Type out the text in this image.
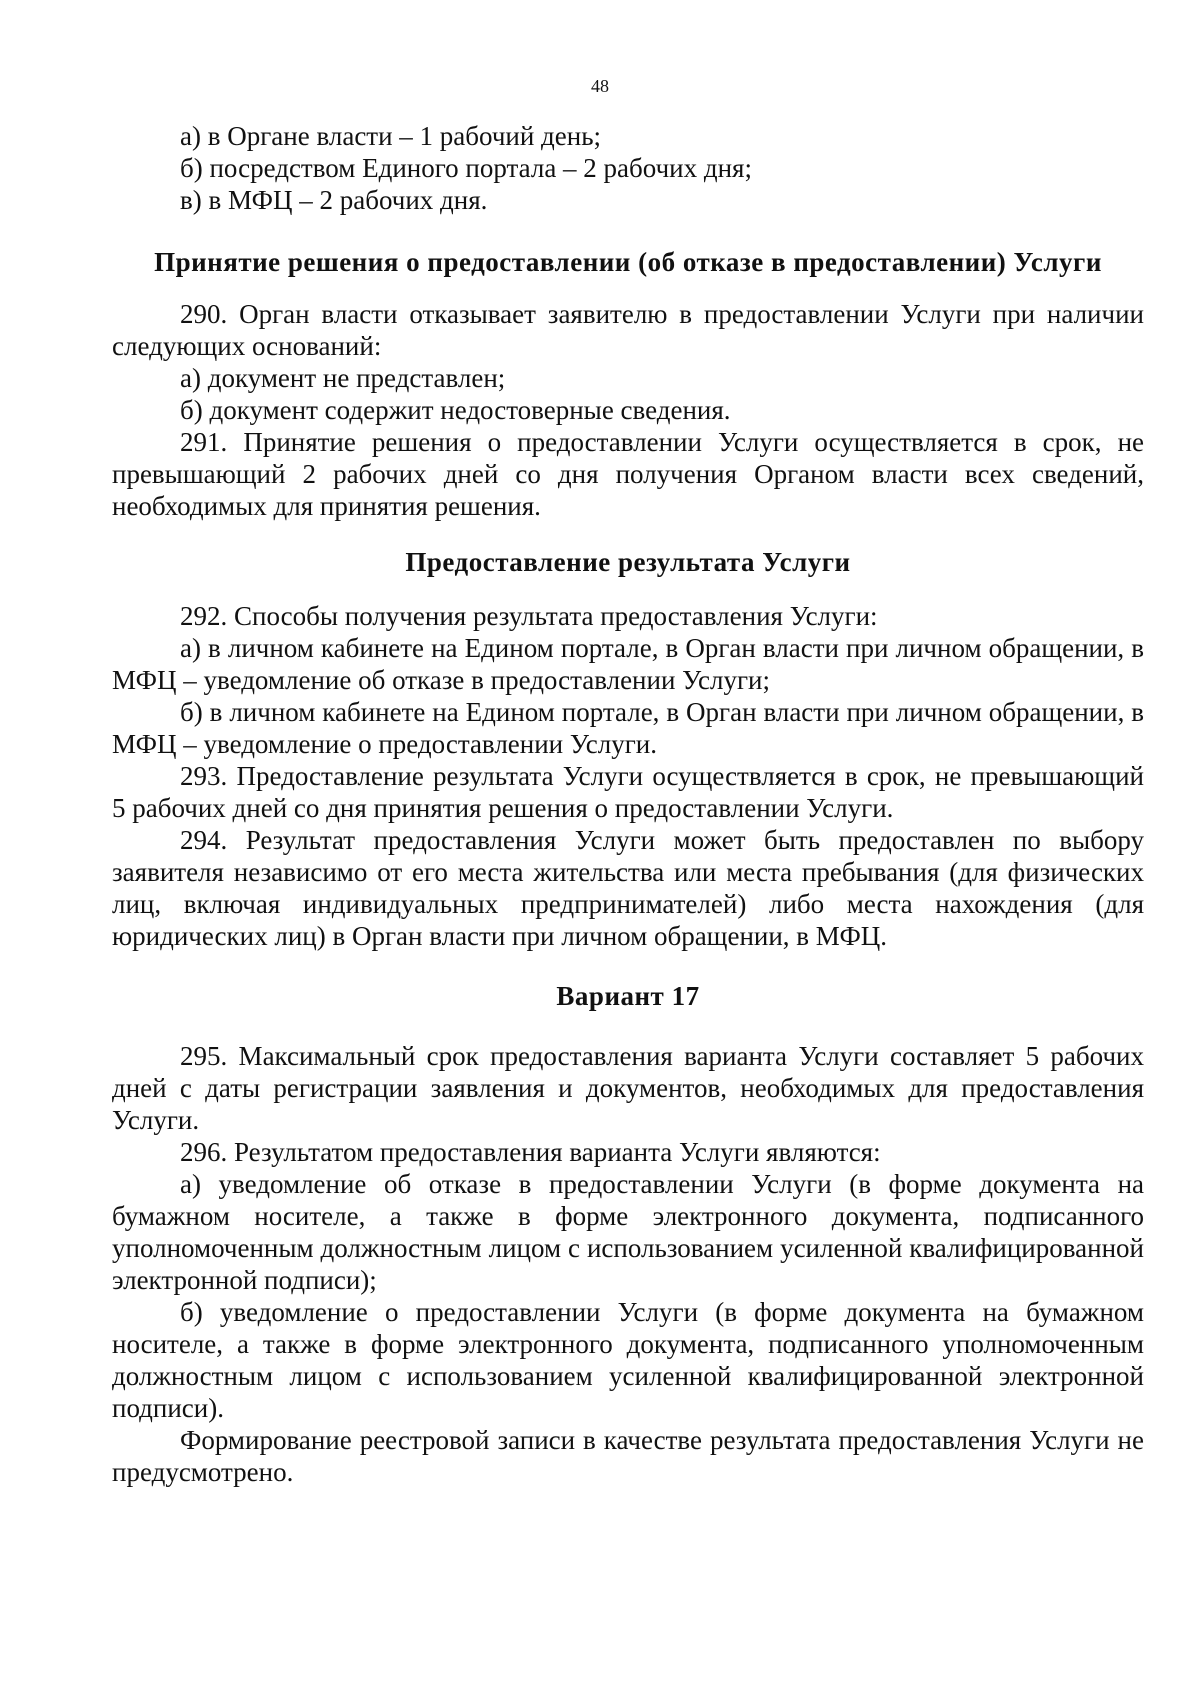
48

а) в Органе власти – 1 рабочий день;

б) посредством Единого портала – 2 рабочих дня;

в) в МФЦ – 2 рабочих дня.

Принятие решения о предоставлении (об отказе в предоставлении) Услуги

290. Орган власти отказывает заявителю в предоставлении Услуги при наличии следующих оснований:

а) документ не представлен;

б) документ содержит недостоверные сведения.

291. Принятие решения о предоставлении Услуги осуществляется в срок, не превышающий 2 рабочих дней со дня получения Органом власти всех сведений, необходимых для принятия решения.

Предоставление результата Услуги

292. Способы получения результата предоставления Услуги:

а) в личном кабинете на Едином портале, в Орган власти при личном обращении, в МФЦ – уведомление об отказе в предоставлении Услуги;

б) в личном кабинете на Едином портале, в Орган власти при личном обращении, в МФЦ – уведомление о предоставлении Услуги.

293. Предоставление результата Услуги осуществляется в срок, не превышающий 5 рабочих дней со дня принятия решения о предоставлении Услуги.

294. Результат предоставления Услуги может быть предоставлен по выбору заявителя независимо от его места жительства или места пребывания (для физических лиц, включая индивидуальных предпринимателей) либо места нахождения (для юридических лиц) в Орган власти при личном обращении, в МФЦ.

Вариант 17

295. Максимальный срок предоставления варианта Услуги составляет 5 рабочих дней с даты регистрации заявления и документов, необходимых для предоставления Услуги.

296. Результатом предоставления варианта Услуги являются:

а) уведомление об отказе в предоставлении Услуги (в форме документа на бумажном носителе, а также в форме электронного документа, подписанного уполномоченным должностным лицом с использованием усиленной квалифицированной электронной подписи);

б) уведомление о предоставлении Услуги (в форме документа на бумажном носителе, а также в форме электронного документа, подписанного уполномоченным должностным лицом с использованием усиленной квалифицированной электронной подписи).

Формирование реестровой записи в качестве результата предоставления Услуги не предусмотрено.
